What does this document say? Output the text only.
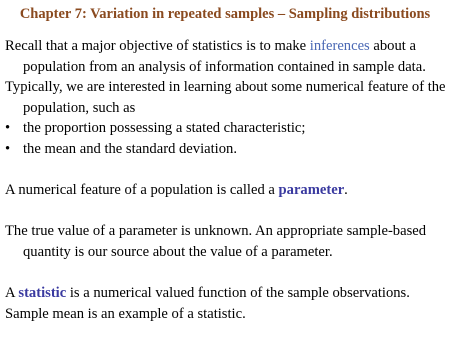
Chapter 7: Variation in repeated samples – Sampling distributions

Recall that a major objective of statistics is to make inferences about a population from an analysis of information contained in sample data.

Typically, we are interested in learning about some numerical feature of the population, such as

• the proportion possessing a stated characteristic;

• the mean and the standard deviation.

A numerical feature of a population is called a parameter.

The true value of a parameter is unknown. An appropriate sample-based quantity is our source about the value of a parameter.

A statistic is a numerical valued function of the sample observations.

Sample mean is an example of a statistic.
